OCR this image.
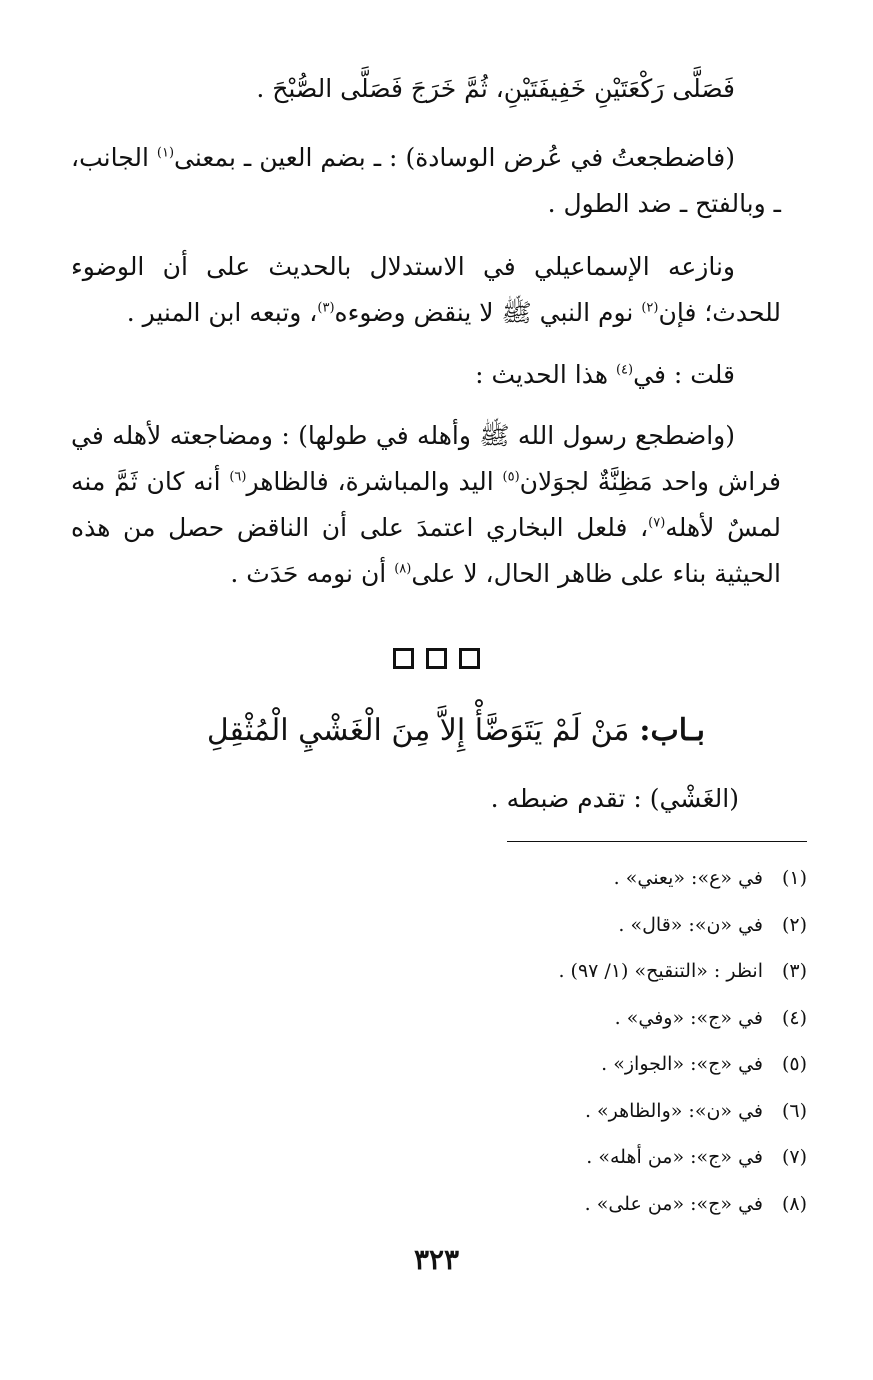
فَصَلَّى رَكْعَتَيْنِ خَفِيفَتَيْنِ، ثُمَّ خَرَجَ فَصَلَّى الصُّبْحَ .
(فاضطجعتُ في عُرض الوسادة) : ـ بضم العين ـ بمعنى$^{(١)}$ الجانب، ـ وبالفتح ـ ضد الطول .
ونازعه الإسماعيلي في الاستدلال بالحديث على أن الوضوء للحدث؛ فإن$^{(٢)}$ نوم النبي ﷺ لا ينقض وضوءه$^{(٣)}$، وتبعه ابن المنير .
قلت : في$^{(٤)}$ هذا الحديث :
(واضطجع رسول الله ﷺ وأهله في طولها) : ومضاجعته لأهله في فراش واحد مَظِنَّةٌ لجوَلان$^{(٥)}$ اليد والمباشرة، فالظاهر$^{(٦)}$ أنه كان ثَمَّ منه لمسٌ لأهله$^{(٧)}$، فلعل البخاري اعتمدَ على أن الناقض حصل من هذه الحيثية بناء على ظاهر الحال، لا على$^{(٨)}$ أن نومه حَدَث .
بـاب:مَنْ لَمْ يَتَوَضَّأْ إِلاَّ مِنَ الْغَشْيِ الْمُثْقِلِ
(الغَشْي) : تقدم ضبطه .
(١)في «ع»: «يعني» .
(٢)في «ن»: «قال» .
(٣)انظر : «التنقيح» (١/ ٩٧) .
(٤)في «ج»: «وفي» .
(٥)في «ج»: «الجواز» .
(٦)في «ن»: «والظاهر» .
(٧)في «ج»: «من أهله» .
(٨)في «ج»: «من على» .
٣٢٣
